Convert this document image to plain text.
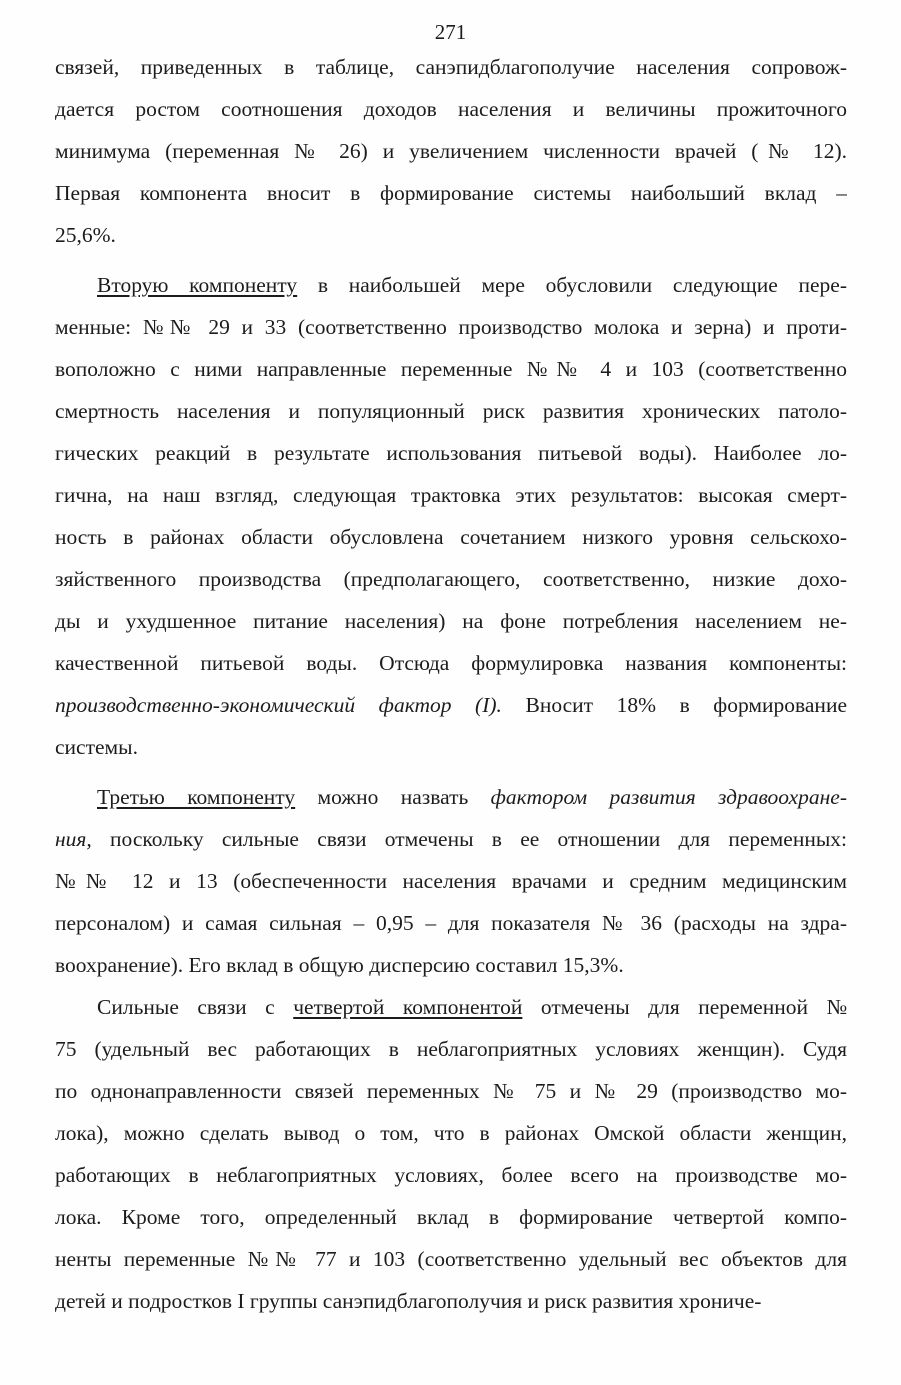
271
связей, приведенных в таблице, санэпидблагополучие населения сопровож-
дается ростом соотношения доходов населения и величины прожиточного
минимума (переменная № 26) и увеличением численности врачей (№ 12).
Первая компонента вносит в формирование системы наибольший вклад –
25,6%.
Вторую компоненту в наибольшей мере обусловили следующие пере-
менные: №№ 29 и 33 (соответственно производство молока и зерна) и проти-
воположно с ними направленные переменные №№ 4 и 103 (соответственно
смертность населения и популяционный риск развития хронических патоло-
гических реакций в результате использования питьевой воды). Наиболее ло-
гична, на наш взгляд, следующая трактовка этих результатов: высокая смерт-
ность в районах области обусловлена сочетанием низкого уровня сельскохо-
зяйственного производства (предполагающего, соответственно, низкие дохо-
ды и ухудшенное питание населения) на фоне потребления населением не-
качественной питьевой воды. Отсюда формулировка названия компоненты:
производственно-экономический фактор (I). Вносит 18% в формирование
системы.
Третью компоненту можно назвать фактором развития здравоохране-
ния, поскольку сильные связи отмечены в ее отношении для переменных:
№№ 12 и 13 (обеспеченности населения врачами и средним медицинским
персоналом) и самая сильная – 0,95 – для показателя № 36 (расходы на здра-
воохранение). Его вклад в общую дисперсию составил 15,3%.
Сильные связи с четвертой компонентой отмечены для переменной №
75 (удельный вес работающих в неблагоприятных условиях женщин). Судя
по однонаправленности связей переменных № 75 и № 29 (производство мо-
лока), можно сделать вывод о том, что в районах Омской области женщин,
работающих в неблагоприятных условиях, более всего на производстве мо-
лока. Кроме того, определенный вклад в формирование четвертой компо-
ненты переменные №№ 77 и 103 (соответственно удельный вес объектов для
детей и подростков I группы санэпидблагополучия и риск развития хрониче-
